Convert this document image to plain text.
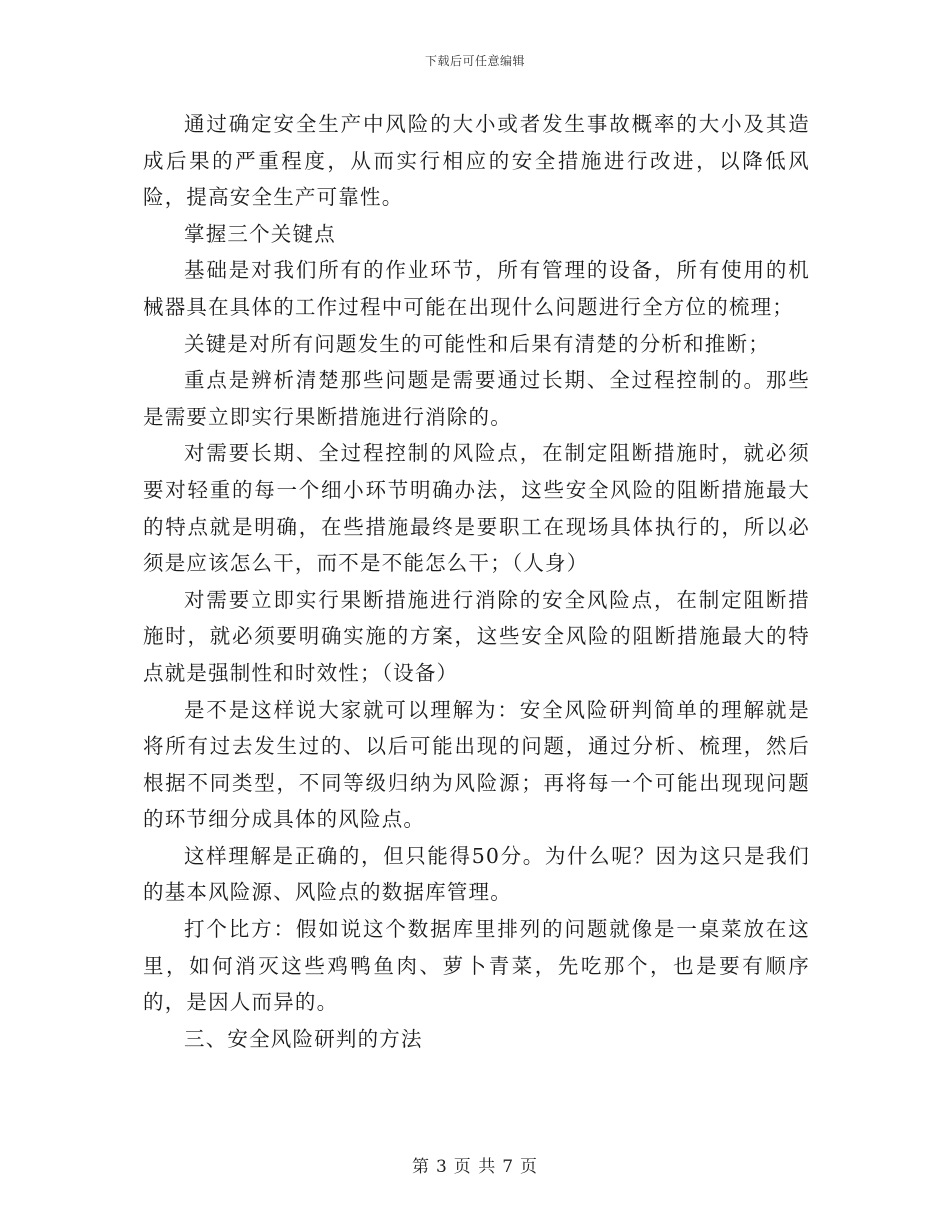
下载后可任意编辑

通过确定安全生产中风险的大小或者发生事故概率的大小及其造成后果的严重程度，从而实行相应的安全措施进行改进，以降低风险，提高安全生产可靠性。

掌握三个关键点

基础是对我们所有的作业环节，所有管理的设备，所有使用的机械器具在具体的工作过程中可能在出现什么问题进行全方位的梳理；

关键是对所有问题发生的可能性和后果有清楚的分析和推断；

重点是辨析清楚那些问题是需要通过长期、全过程控制的。那些是需要立即实行果断措施进行消除的。

对需要长期、全过程控制的风险点，在制定阻断措施时，就必须要对轻重的每一个细小环节明确办法，这些安全风险的阻断措施最大的特点就是明确，在些措施最终是要职工在现场具体执行的，所以必须是应该怎么干，而不是不能怎么干；（人身）

对需要立即实行果断措施进行消除的安全风险点，在制定阻断措施时，就必须要明确实施的方案，这些安全风险的阻断措施最大的特点就是强制性和时效性；（设备）

是不是这样说大家就可以理解为：安全风险研判简单的理解就是将所有过去发生过的、以后可能出现的问题，通过分析、梳理，然后根据不同类型，不同等级归纳为风险源；再将每一个可能出现现问题的环节细分成具体的风险点。

这样理解是正确的，但只能得50分。为什么呢？因为这只是我们的基本风险源、风险点的数据库管理。

打个比方：假如说这个数据库里排列的问题就像是一桌菜放在这里，如何消灭这些鸡鸭鱼肉、萝卜青菜，先吃那个，也是要有顺序的，是因人而异的。

三、安全风险研判的方法

第 3 页 共 7 页
